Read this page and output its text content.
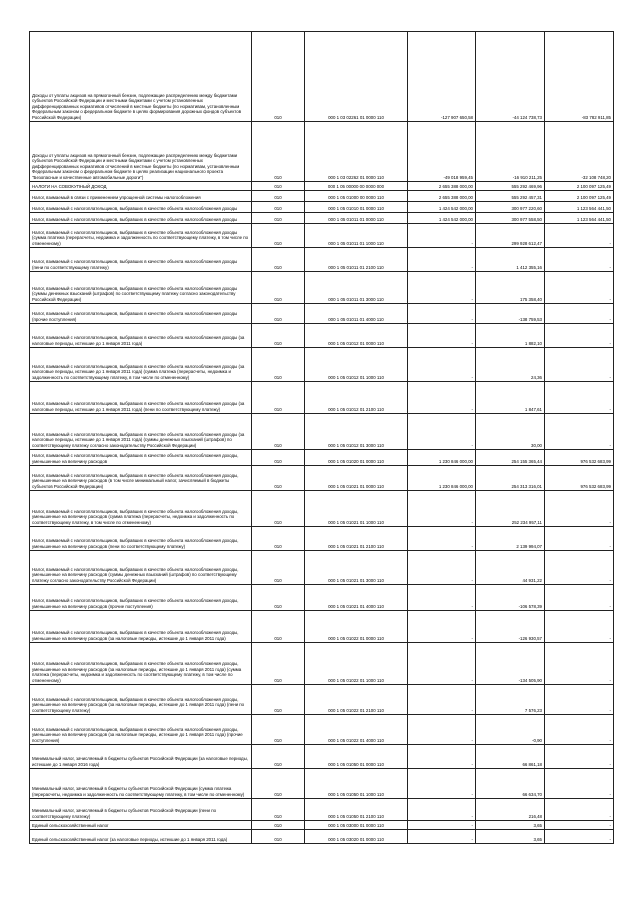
Доходы от уплаты акцизов на прямогонный бензин, подлежащие распределению между бюджетами субъектов Российской Федерации и местными бюджетами с учетом установленных дифференцированных нормативов отчислений в местные бюджеты (по нормативам, установленным Федеральным законом о федеральном бюджете в целях формирования дорожных фондов субъектов Российской Федерации)	010	000 1 03 02261 01 0000 110	-127 907 650,58	-44 124 738,73	-83 782 911,85
Доходы от уплаты акцизов на прямогонный бензин, подлежащие распределению между бюджетами субъектов Российской Федерации и местными бюджетами с учетом установленных дифференцированных нормативов отчислений в местные бюджеты (по нормативам, установленным Федеральным законом о федеральном бюджете в целях реализации национального проекта "Безопасные и качественные автомобильные дороги")	010	000 1 03 02262 01 0000 110	-49 018 959,45	-16 910 211,25	-32 108 748,20
НАЛОГИ НА СОВОКУПНЫЙ ДОХОД	010	000 1 05 00000 00 0000 000	2 655 388 000,00	555 292 469,96	2 100 097 125,49
Налог, взимаемый в связи с применением упрощенной системы налогообложения	010	000 1 05 01000 00 0000 110	2 655 388 000,00	555 292 457,31	2 100 097 125,49
Налог, взимаемый с налогоплательщиков, выбравших в качестве объекта налогообложения доходы	010	000 1 05 01010 01 0000 110	1 424 542 000,00	300 977 220,60	1 123 564 441,50
Налог, взимаемый с налогоплательщиков, выбравших в качестве объекта налогообложения доходы	010	000 1 05 01011 01 0000 110	1 424 542 000,00	300 977 558,50	1 123 564 441,50
Налог, взимаемый с налогоплательщиков, выбравших в качестве объекта налогообложения доходы (сумма платежа (перерасчеты, недоимка и задолженность по соответствующему платежу, в том числе по отмененному)	010	000 1 05 01011 01 1000 110	-	299 928 612,47	-
Налог, взимаемый с налогоплательщиков, выбравших в качестве объекта налогообложения доходы (пени по соответствующему платежу)	010	000 1 05 01011 01 2100 110	-	1 412 355,16	-
Налог, взимаемый с налогоплательщиков, выбравших в качестве объекта налогообложения доходы (суммы денежных взысканий (штрафов) по соответствующему платежу согласно законодательству Российской Федерации)	010	000 1 05 01011 01 3000 110	-	175 358,40	-
Налог, взимаемый с налогоплательщиков, выбравших в качестве объекта налогообложения доходы (прочие поступления)	010	000 1 05 01011 01 4000 110	-	-138 759,53	-
Налог, взимаемый с налогоплательщиков, выбравших в качестве объекта налогообложения доходы (за налоговые периоды, истекшие до 1 января 2011 года)	010	000 1 05 01012 01 0000 110	-	1 882,10	-
Налог, взимаемый с налогоплательщиков, выбравших в качестве объекта налогообложения доходы (за налоговые периоды, истекшие до 1 января 2011 года) (сумма платежа (перерасчеты, недоимка и задолженность по соответствующему платежу, в том числе по отмененному)	010	000 1 05 01012 01 1000 110	-	24,36	-
Налог, взимаемый с налогоплательщиков, выбравших в качестве объекта налогообложения доходы (за налоговые периоды, истекшие до 1 января 2011 года) (пени по соответствующему платежу)	010	000 1 05 01012 01 2100 110	-	1 847,61	-
Налог, взимаемый с налогоплательщиков, выбравших в качестве объекта налогообложения доходы (за налоговые периоды, истекшие до 1 января 2011 года) (суммы денежных взысканий (штрафов) по соответствующему платежу согласно законодательству Российской Федерации)	010	000 1 05 01012 01 3000 110	-	30,00	-
Налог, взимаемый с налогоплательщиков, выбравших в качестве объекта налогообложения доходы, уменьшенные на величину расходов	010	000 1 05 01020 01 0000 110	1 230 846 000,00	254 155 365,44	976 532 683,99
Налог, взимаемый с налогоплательщиков, выбравших в качестве объекта налогообложения доходы, уменьшенные на величину расходов (в том числе минимальный налог, зачисляемый в бюджеты субъектов Российской Федерации)	010	000 1 05 01021 01 0000 110	1 230 846 000,00	254 313 316,01	976 532 683,99
Налог, взимаемый с налогоплательщиков, выбравших в качестве объекта налогообложения доходы, уменьшенные на величину расходов (сумма платежа (перерасчеты, недоимка и задолженность по соответствующему платежу, в том числе по отмененному)	010	000 1 05 01021 01 1000 110	-	252 234 957,11	-
Налог, взимаемый с налогоплательщиков, выбравших в качестве объекта налогообложения доходы, уменьшенные на величину расходов (пени по соответствующему платежу)	010	000 1 05 01021 01 2100 110	-	2 139 994,07	-
Налог, взимаемый с налогоплательщиков, выбравших в качестве объекта налогообложения доходы, уменьшенные на величину расходов (суммы денежных взысканий (штрафов) по соответствующему платежу согласно законодательству Российской Федерации)	010	000 1 05 01021 01 3000 110	-	44 931,22	-
Налог, взимаемый с налогоплательщиков, выбравших в качестве объекта налогообложения доходы, уменьшенные на величину расходов (прочие поступления)	010	000 1 05 01021 01 4000 110	-	-106 578,39	-
Налог, взимаемый с налогоплательщиков, выбравших в качестве объекта налогообложения доходы, уменьшенные на величину расходов (за налоговые периоды, истекшие до 1 января 2011 года)	010	000 1 05 01022 01 0000 110	-	-126 930,57	-
Налог, взимаемый с налогоплательщиков, выбравших в качестве объекта налогообложения доходы, уменьшенные на величину расходов (за налоговые периоды, истекшие до 1 января 2011 года) (сумма платежа (перерасчеты, недоимка и задолженность по соответствующему платежу, в том числе по отмененному)	010	000 1 05 01022 01 1000 110	-	-134 505,90	-
Налог, взимаемый с налогоплательщиков, выбравших в качестве объекта налогообложения доходы, уменьшенные на величину расходов (за налоговые периоды, истекшие до 1 января 2011 года) (пени по соответствующему платежу)	010	000 1 05 01022 01 2100 110	-	7 576,23	-
Налог, взимаемый с налогоплательщиков, выбравших в качестве объекта налогообложения доходы, уменьшенные на величину расходов (за налоговые периоды, истекшие до 1 января 2011 года) (прочие поступления)	010	000 1 05 01022 01 4000 110	-	-0,90	-
Минимальный налог, зачисляемый в бюджеты субъектов Российской Федерации (за налоговые периоды, истекшие до 1 января 2016 года)	010	000 1 05 01050 01 0000 110	-	66 861,18	-
Минимальный налог, зачисляемый в бюджеты субъектов Российской Федерации (сумма платежа (перерасчеты, недоимка и задолженность по соответствующему платежу, в том числе по отмененному)	010	000 1 05 01050 01 1000 110	-	66 634,70	-
Минимальный налог, зачисляемый в бюджеты субъектов Российской Федерации (пени по соответствующему платежу)	010	000 1 05 01050 01 2100 110	-	216,48	-
Единый сельскохозяйственный налог	010	000 1 05 03000 01 0000 110	-	3,65	-
Единый сельскохозяйственный налог (за налоговые периоды, истекшие до 1 января 2011 года)	010	000 1 05 03020 01 0000 110	-	3,65	-
